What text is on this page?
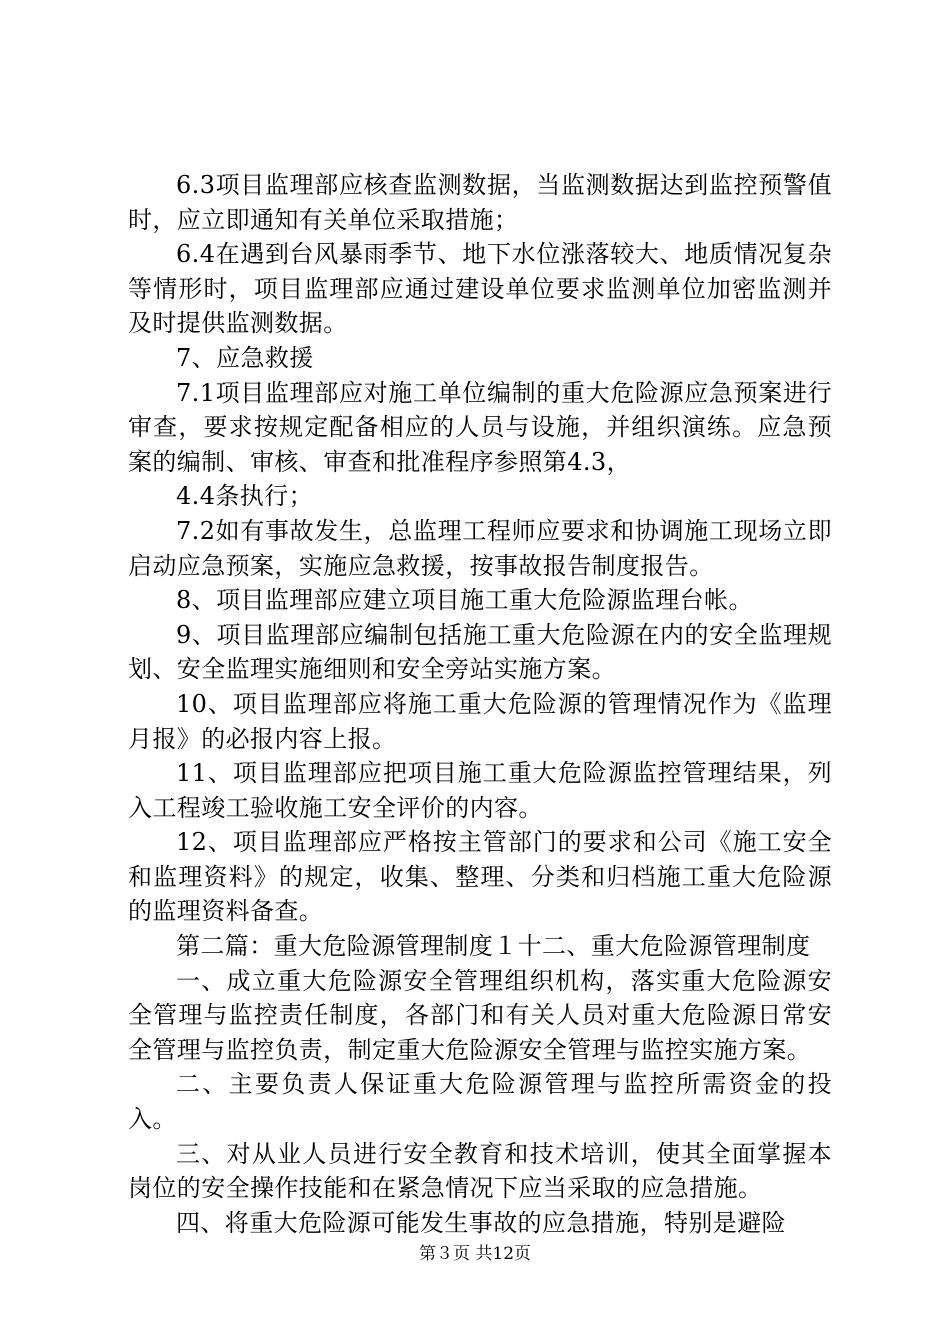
6.3项目监理部应核查监测数据，当监测数据达到监控预警值时，应立即通知有关单位采取措施；

6.4在遇到台风暴雨季节、地下水位涨落较大、地质情况复杂等情形时，项目监理部应通过建设单位要求监测单位加密监测并及时提供监测数据。

7、应急救援

7.1项目监理部应对施工单位编制的重大危险源应急预案进行审查，要求按规定配备相应的人员与设施，并组织演练。应急预案的编制、审核、审查和批准程序参照第4.3，

4.4条执行；

7.2如有事故发生，总监理工程师应要求和协调施工现场立即启动应急预案，实施应急救援，按事故报告制度报告。

8、项目监理部应建立项目施工重大危险源监理台帐。

9、项目监理部应编制包括施工重大危险源在内的安全监理规划、安全监理实施细则和安全旁站实施方案。

10、项目监理部应将施工重大危险源的管理情况作为《监理月报》的必报内容上报。

11、项目监理部应把项目施工重大危险源监控管理结果，列入工程竣工验收施工安全评价的内容。

12、项目监理部应严格按主管部门的要求和公司《施工安全和监理资料》的规定，收集、整理、分类和归档施工重大危险源的监理资料备查。

第二篇：重大危险源管理制度１十二、重大危险源管理制度

一、成立重大危险源安全管理组织机构，落实重大危险源安全管理与监控责任制度，各部门和有关人员对重大危险源日常安全管理与监控负责，制定重大危险源安全管理与监控实施方案。

二、主要负责人保证重大危险源管理与监控所需资金的投入。

三、对从业人员进行安全教育和技术培训，使其全面掌握本岗位的安全操作技能和在紧急情况下应当采取的应急措施。

四、将重大危险源可能发生事故的应急措施，特别是避险

第３页 共12页
